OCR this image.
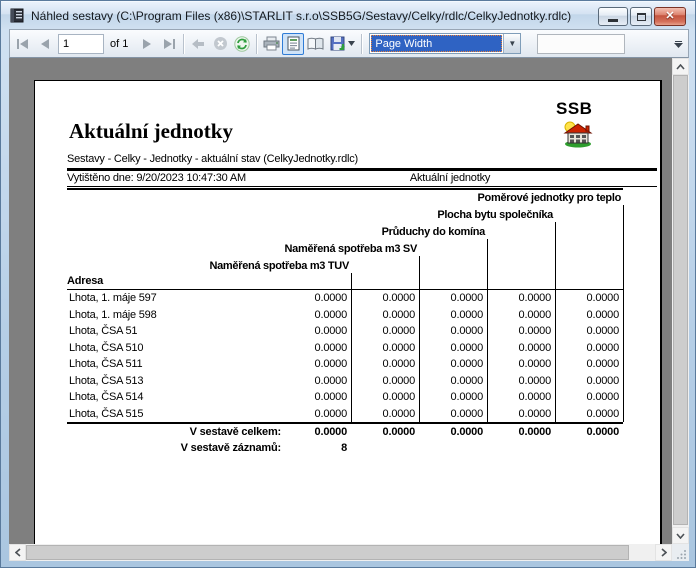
Náhled sestavy (C:\Program Files (x86)\STARLIT s.r.o\SSB5G/Sestavy/Celky/rdlc/CelkyJednotky.rdlc)	✕
1
of 1	Page Width	▼
Aktuální jednotky
SSB
Sestavy - Celky - Jednotky - aktuální stav (CelkyJednotky.rdlc)
Vytištěno dne: 9/20/2023 10:47:30 AM	Aktuální jednotky
Poměrové jednotky pro teplo
Plocha bytu společníka
Průduchy do komína
Naměřená spotřeba m3 SV
Naměřená spotřeba m3 TUV
Adresa
Lhota, 1. máje 597	0.0000	0.0000	0.0000	0.0000	0.0000
Lhota, 1. máje 598	0.0000	0.0000	0.0000	0.0000	0.0000
Lhota, ČSA 51	0.0000	0.0000	0.0000	0.0000	0.0000
Lhota, ČSA 510	0.0000	0.0000	0.0000	0.0000	0.0000
Lhota, ČSA 511	0.0000	0.0000	0.0000	0.0000	0.0000
Lhota, ČSA 513	0.0000	0.0000	0.0000	0.0000	0.0000
Lhota, ČSA 514	0.0000	0.0000	0.0000	0.0000	0.0000
Lhota, ČSA 515	0.0000	0.0000	0.0000	0.0000	0.0000
V sestavě celkem:	0.0000	0.0000	0.0000	0.0000	0.0000
V sestavě záznamů:	8
